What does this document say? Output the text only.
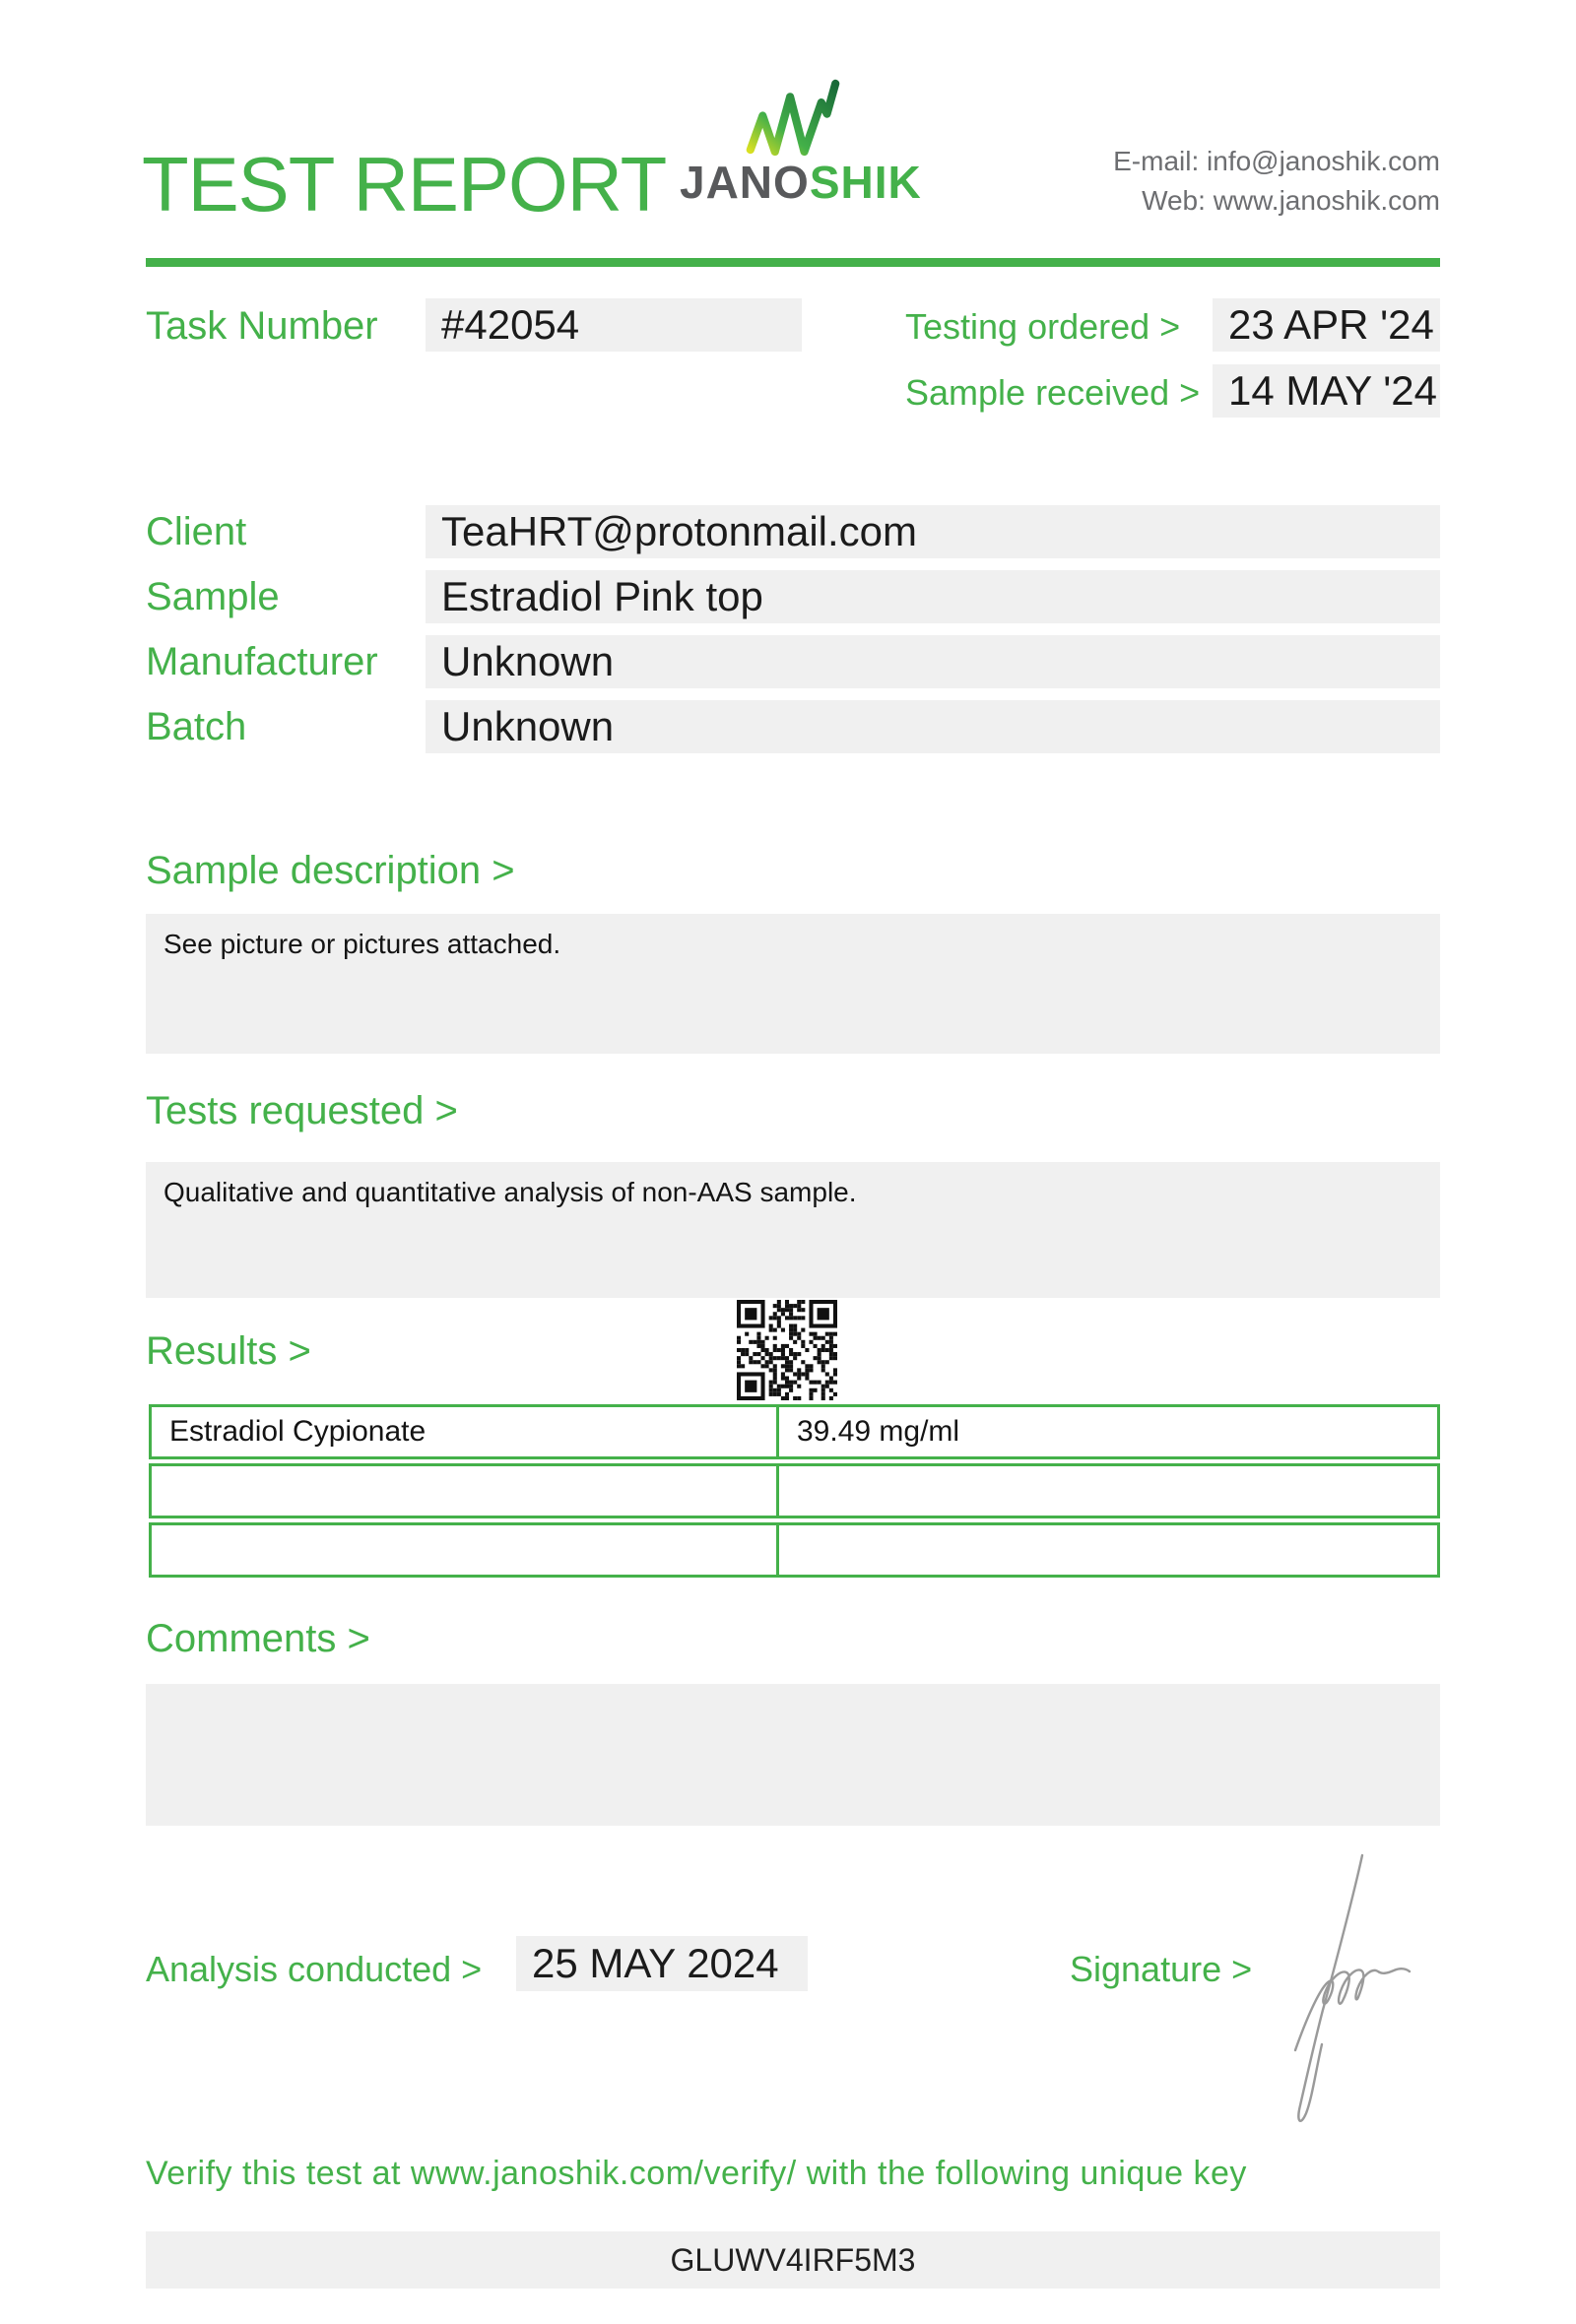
TEST REPORT JANOSHIK	E-mail: info@janoshik.com
Web: www.janoshik.com
Task Number	#42054	Testing ordered >	23 APR '24
Sample received > 14 MAY '24
Client	TeaHRT@protonmail.com
Sample	Estradiol Pink top
Manufacturer	Unknown
Batch	Unknown
Sample description >
See picture or pictures attached.
Tests requested >
Qualitative and quantitative analysis of non-AAS sample.
Results >
Estradiol Cypionate	39.49 mg/ml
Comments >
Analysis conducted >	25 MAY 2024	Signature >
Verify this test at www.janoshik.com/verify/ with the following unique key
GLUWV4IRF5M3
